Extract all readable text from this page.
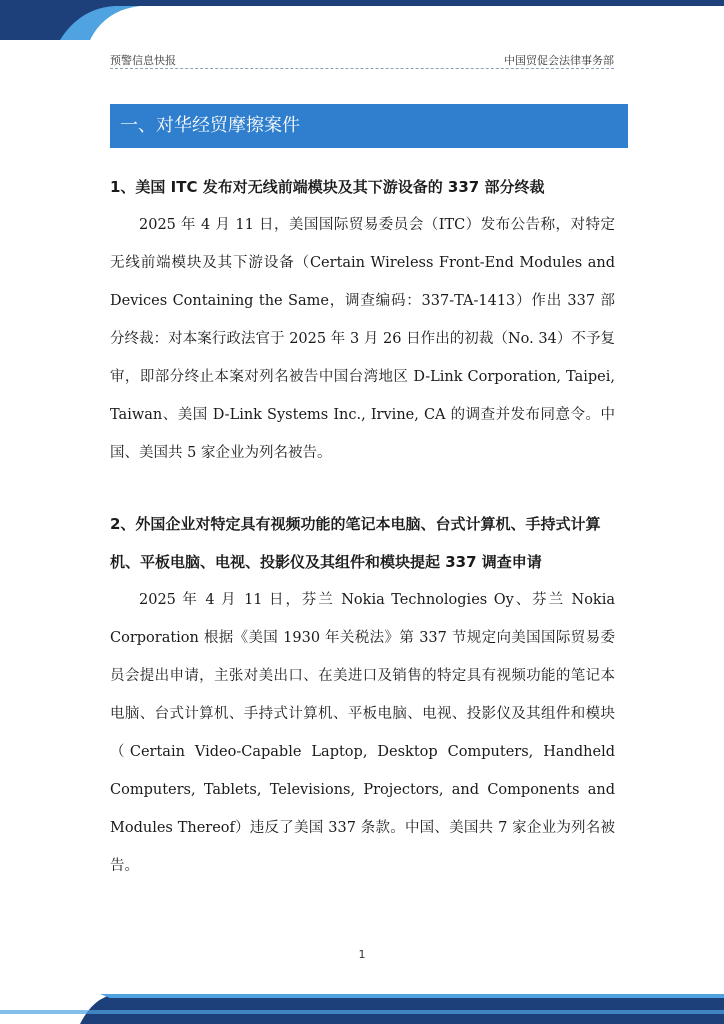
预警信息快报	中国贸促会法律事务部
一、对华经贸摩擦案件

1、美国 ITC 发布对无线前端模块及其下游设备的 337 部分终裁

2025 年 4 月 11 日，美国国际贸易委员会（ITC）发布公告称，对特定无线前端模块及其下游设备（Certain Wireless Front-End Modules and Devices Containing the Same，调查编码：337-TA-1413）作出 337 部分终裁：对本案行政法官于 2025 年 3 月 26 日作出的初裁（No. 34）不予复审，即部分终止本案对列名被告中国台湾地区 D-Link Corporation, Taipei, Taiwan、美国 D-Link Systems Inc., Irvine, CA 的调查并发布同意令。中国、美国共 5 家企业为列名被告。

2、外国企业对特定具有视频功能的笔记本电脑、台式计算机、手持式计算机、平板电脑、电视、投影仪及其组件和模块提起 337 调查申请

2025 年 4 月 11 日，芬兰 Nokia Technologies Oy、芬兰 Nokia Corporation 根据《美国 1930 年关税法》第 337 节规定向美国国际贸易委员会提出申请，主张对美出口、在美进口及销售的特定具有视频功能的笔记本电脑、台式计算机、手持式计算机、平板电脑、电视、投影仪及其组件和模块（Certain Video-Capable Laptop, Desktop Computers, Handheld Computers, Tablets, Televisions, Projectors, and Components and Modules Thereof）违反了美国 337 条款。中国、美国共 7 家企业为列名被告。

1
